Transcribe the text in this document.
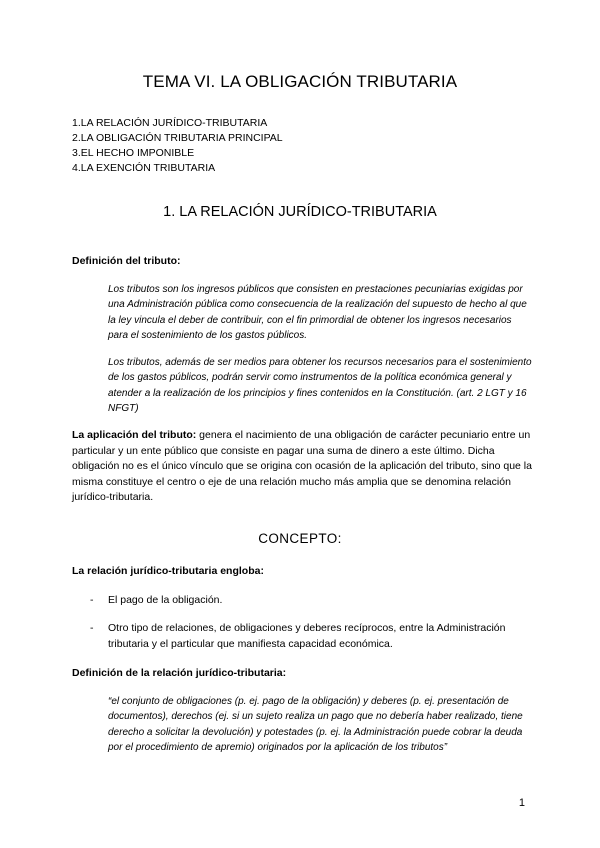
TEMA VI. LA OBLIGACIÓN TRIBUTARIA
1.LA RELACIÓN JURÍDICO-TRIBUTARIA
2.LA OBLIGACIÓN TRIBUTARIA PRINCIPAL
3.EL HECHO IMPONIBLE
4.LA EXENCIÓN TRIBUTARIA
1. LA RELACIÓN JURÍDICO-TRIBUTARIA
Definición del tributo:

Los tributos son los ingresos públicos que consisten en prestaciones pecuniarias exigidas por una Administración pública como consecuencia de la realización del supuesto de hecho al que la ley vincula el deber de contribuir, con el fin primordial de obtener los ingresos necesarios para el sostenimiento de los gastos públicos.

Los tributos, además de ser medios para obtener los recursos necesarios para el sostenimiento de los gastos públicos, podrán servir como instrumentos de la política económica general y atender a la realización de los principios y fines contenidos en la Constitución. (art. 2 LGT y 16 NFGT)

La aplicación del tributo: genera el nacimiento de una obligación de carácter pecuniario entre un particular y un ente público que consiste en pagar una suma de dinero a este último. Dicha obligación no es el único vínculo que se origina con ocasión de la aplicación del tributo, sino que la misma constituye el centro o eje de una relación mucho más amplia que se denomina relación jurídico-tributaria.

CONCEPTO:
La relación jurídico-tributaria engloba:
- El pago de la obligación.
- Otro tipo de relaciones, de obligaciones y deberes recíprocos, entre la Administración tributaria y el particular que manifiesta capacidad económica.
Definición de la relación jurídico-tributaria:

“el conjunto de obligaciones (p. ej. pago de la obligación) y deberes (p. ej. presentación de documentos), derechos (ej. si un sujeto realiza un pago que no debería haber realizado, tiene derecho a solicitar la devolución) y potestades (p. ej. la Administración puede cobrar la deuda por el procedimiento de apremio) originados por la aplicación de los tributos”

1
